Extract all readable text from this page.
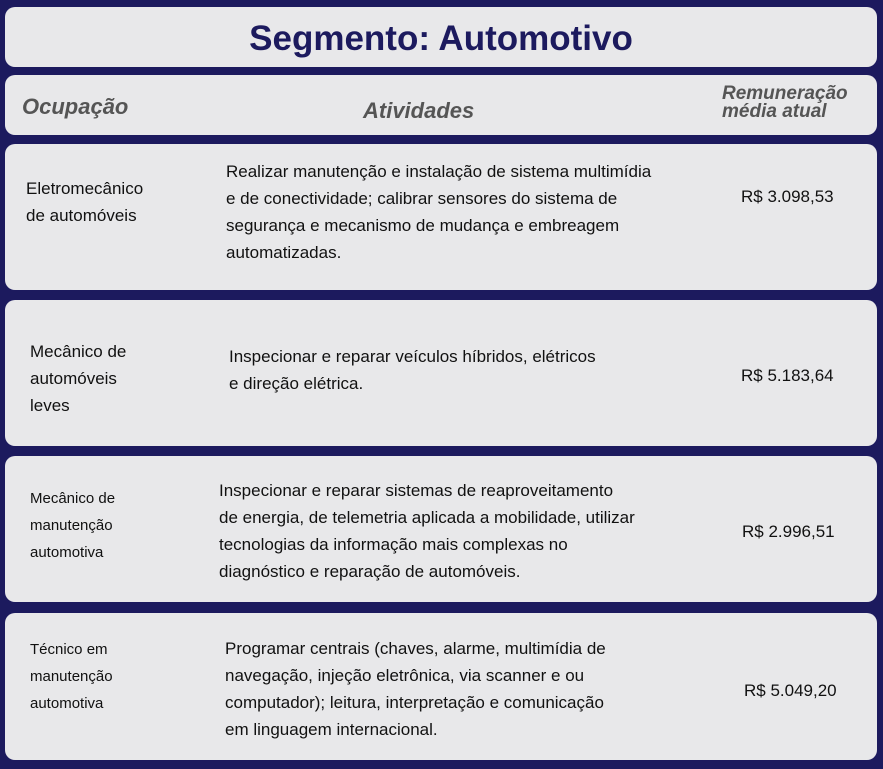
Segmento: Automotivo
Ocupação	Atividades
Remuneração
média atual
Eletromecânico
de automóveis
Realizar manutenção e instalação de sistema multimídia
e de conectividade; calibrar sensores do sistema de
segurança e mecanismo de mudança e embreagem
automatizadas.
R$ 3.098,53
Mecânico de
automóveis
leves
Inspecionar e reparar veículos híbridos, elétricos
e direção elétrica.	R$ 5.183,64
Mecânico de
manutenção
automotiva
Inspecionar e reparar sistemas de reaproveitamento
de energia, de telemetria aplicada a mobilidade, utilizar
tecnologias da informação mais complexas no
diagnóstico e reparação de automóveis.
R$ 2.996,51
Técnico em
manutenção
automotiva
Programar centrais (chaves, alarme, multimídia de
navegação, injeção eletrônica, via scanner e ou
computador); leitura, interpretação e comunicação
em linguagem internacional.
R$ 5.049,20
